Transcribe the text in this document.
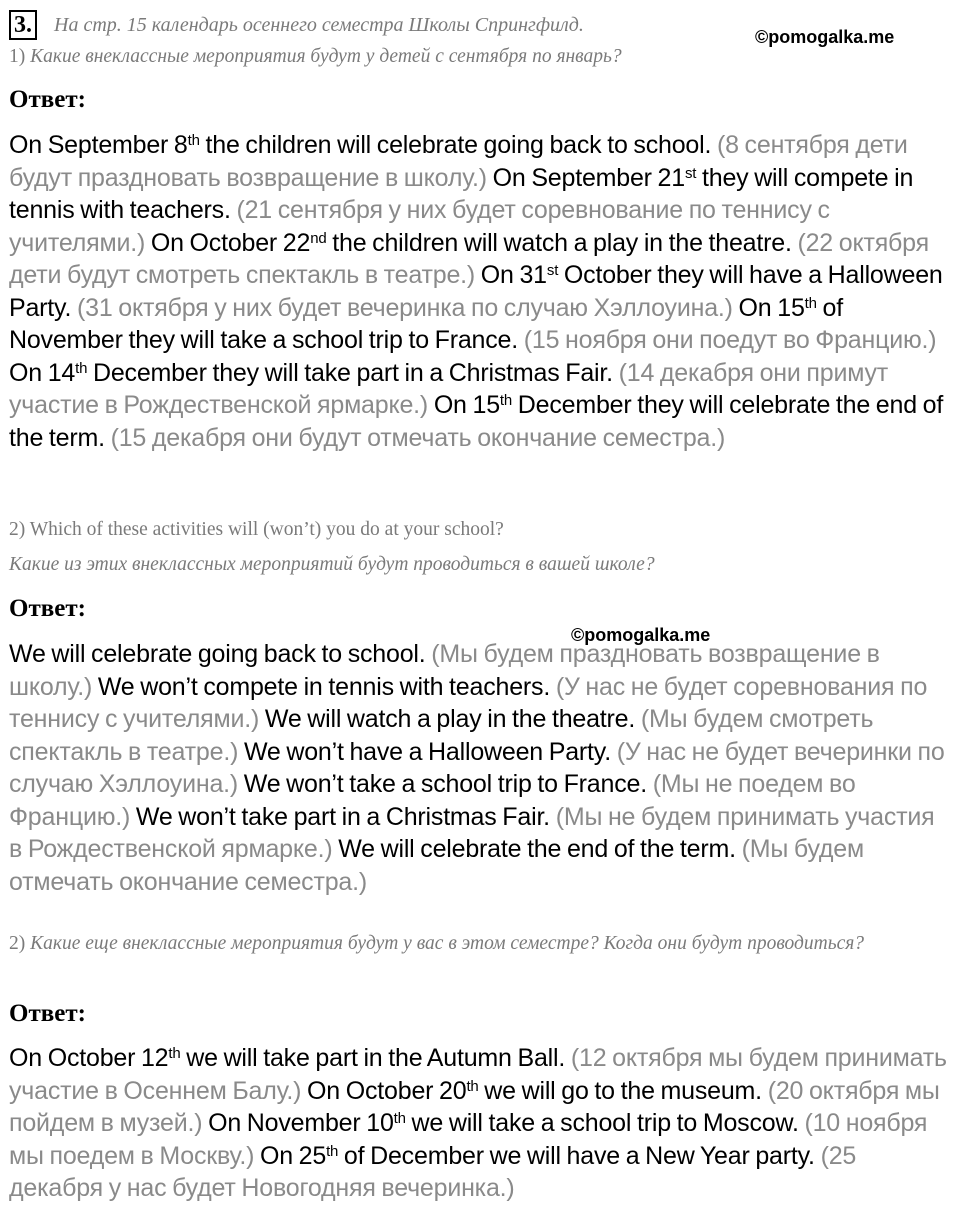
3. На стр. 15 календарь осеннего семестра Школы Спрингфилд.
©pomogalka.me
1) Какие внеклассные мероприятия будут у детей с сентября по январь?
Ответ:
On September 8th the children will celebrate going back to school. (8 сентября дети будут праздновать возвращение в школу.) On September 21st they will compete in tennis with teachers. (21 сентября у них будет соревнование по теннису с учителями.) On October 22nd the children will watch a play in the theatre. (22 октября дети будут смотреть спектакль в театре.) On 31st October they will have a Halloween Party. (31 октября у них будет вечеринка по случаю Хэллоуина.) On 15th of November they will take a school trip to France. (15 ноября они поедут во Францию.) On 14th December they will take part in a Christmas Fair. (14 декабря они примут участие в Рождественской ярмарке.) On 15th December they will celebrate the end of the term. (15 декабря они будут отмечать окончание семестра.)
2) Which of these activities will (won’t) you do at your school?
Какие из этих внеклассных мероприятий будут проводиться в вашей школе?
Ответ:
We will celebrate going back to school. (Мы будем праздновать возвращение в школу.) We won’t compete in tennis with teachers. (У нас не будет соревнования по теннису с учителями.) We will watch a play in the theatre. (Мы будем смотреть спектакль в театре.) We won’t have a Halloween Party. (У нас не будет вечеринки по случаю Хэллоуина.) We won’t take a school trip to France. (Мы не поедем во Францию.) We won’t take part in a Christmas Fair. (Мы не будем принимать участия в Рождественской ярмарке.) We will celebrate the end of the term. (Мы будем отмечать окончание семестра.)
©pomogalka.me
2) Какие еще внеклассные мероприятия будут у вас в этом семестре? Когда они будут проводиться?
Ответ:
On October 12th we will take part in the Autumn Ball. (12 октября мы будем принимать участие в Осеннем Балу.) On October 20th we will go to the museum. (20 октября мы пойдем в музей.) On November 10th we will take a school trip to Moscow. (10 ноября мы поедем в Москву.) On 25th of December we will have a New Year party. (25 декабря у нас будет Новогодняя вечеринка.)
